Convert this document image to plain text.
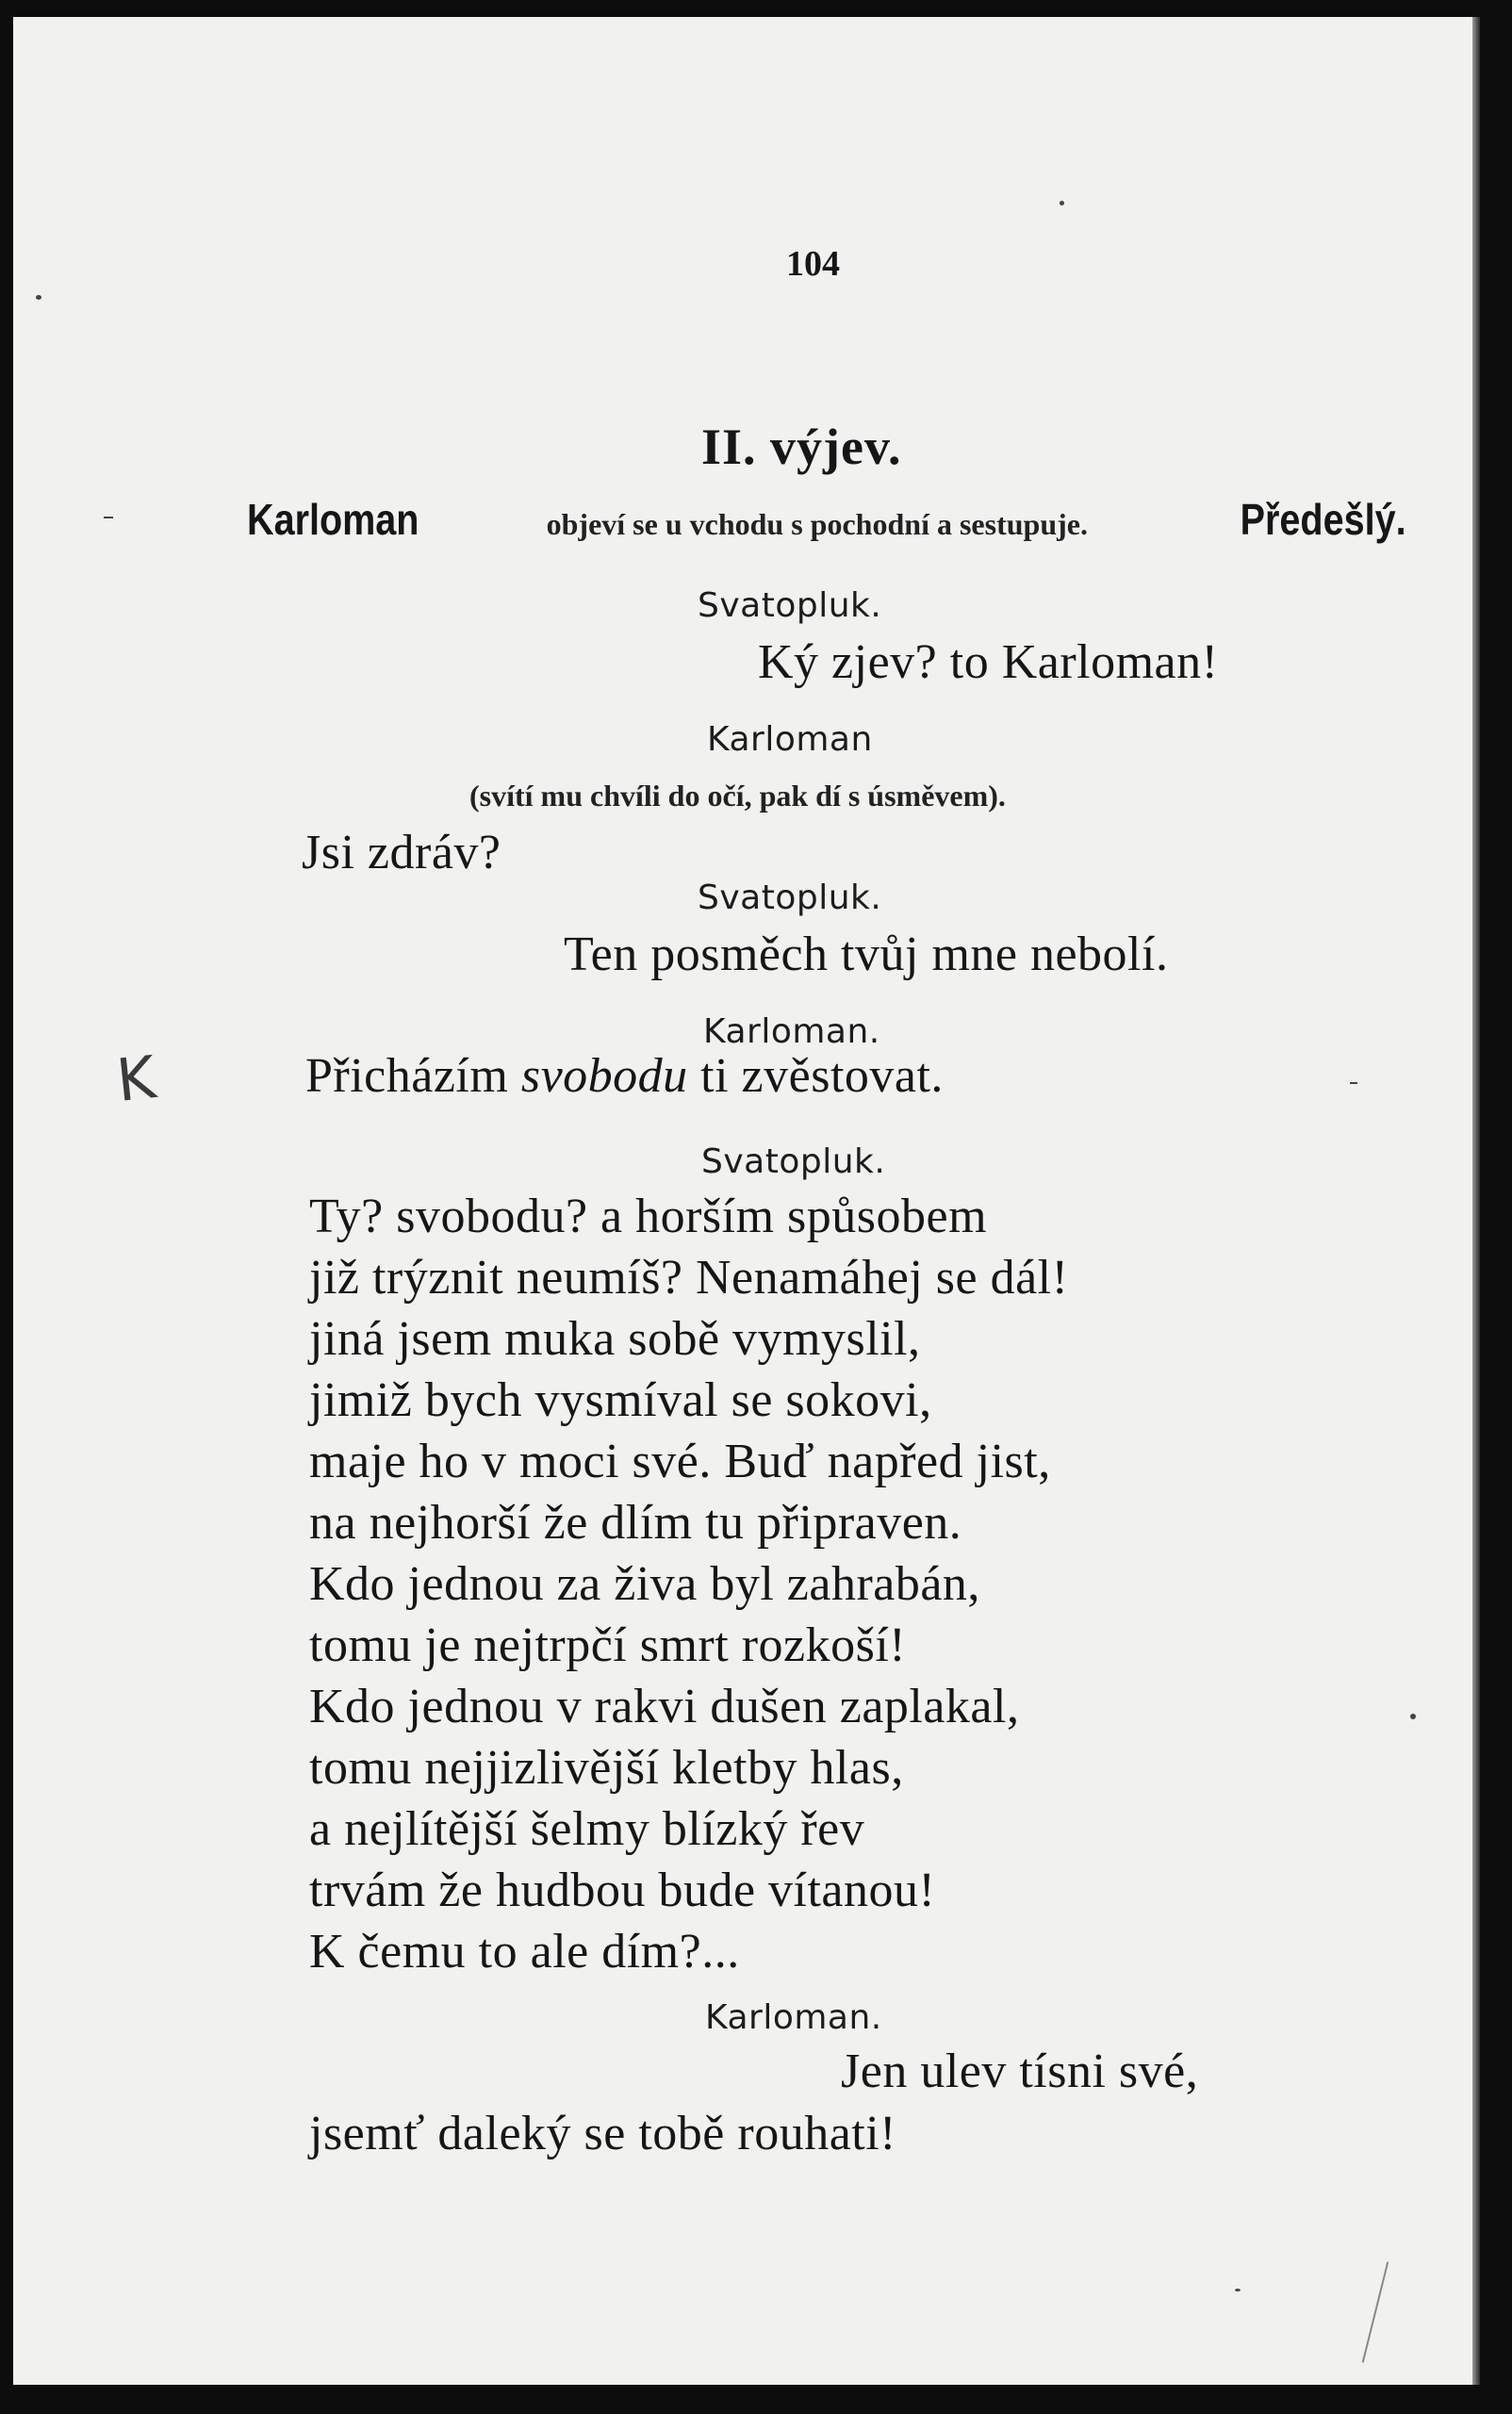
104
II. výjev.
Karloman	objeví se u vchodu s pochodní a sestupuje.	Předešlý.
Svatopluk.
Ký zjev? to Karloman!
Karloman
(svítí mu chvíli do očí, pak dí s úsměvem).
Jsi zdráv?
Svatopluk.
Ten posměch tvůj mne nebolí.
Karloman.
Přicházím svobodu ti zvěstovat.
Svatopluk.
Ty? svobodu? a horším spůsobem
již trýznit neumíš? Nenamáhej se dál!
jiná jsem muka sobě vymyslil,
jimiž bych vysmíval se sokovi,
maje ho v moci své. Buď napřed jist,
na nejhorší že dlím tu připraven.
Kdo jednou za živa byl zahrabán,
tomu je nejtrpčí smrt rozkoší!
Kdo jednou v rakvi dušen zaplakal,
tomu nejjizlivější kletby hlas,
a nejlítější šelmy blízký řev
trvám že hudbou bude vítanou!
K čemu to ale dím?...
Karloman.
Jen ulev tísni své,
jsemť daleký se tobě rouhati!
K
